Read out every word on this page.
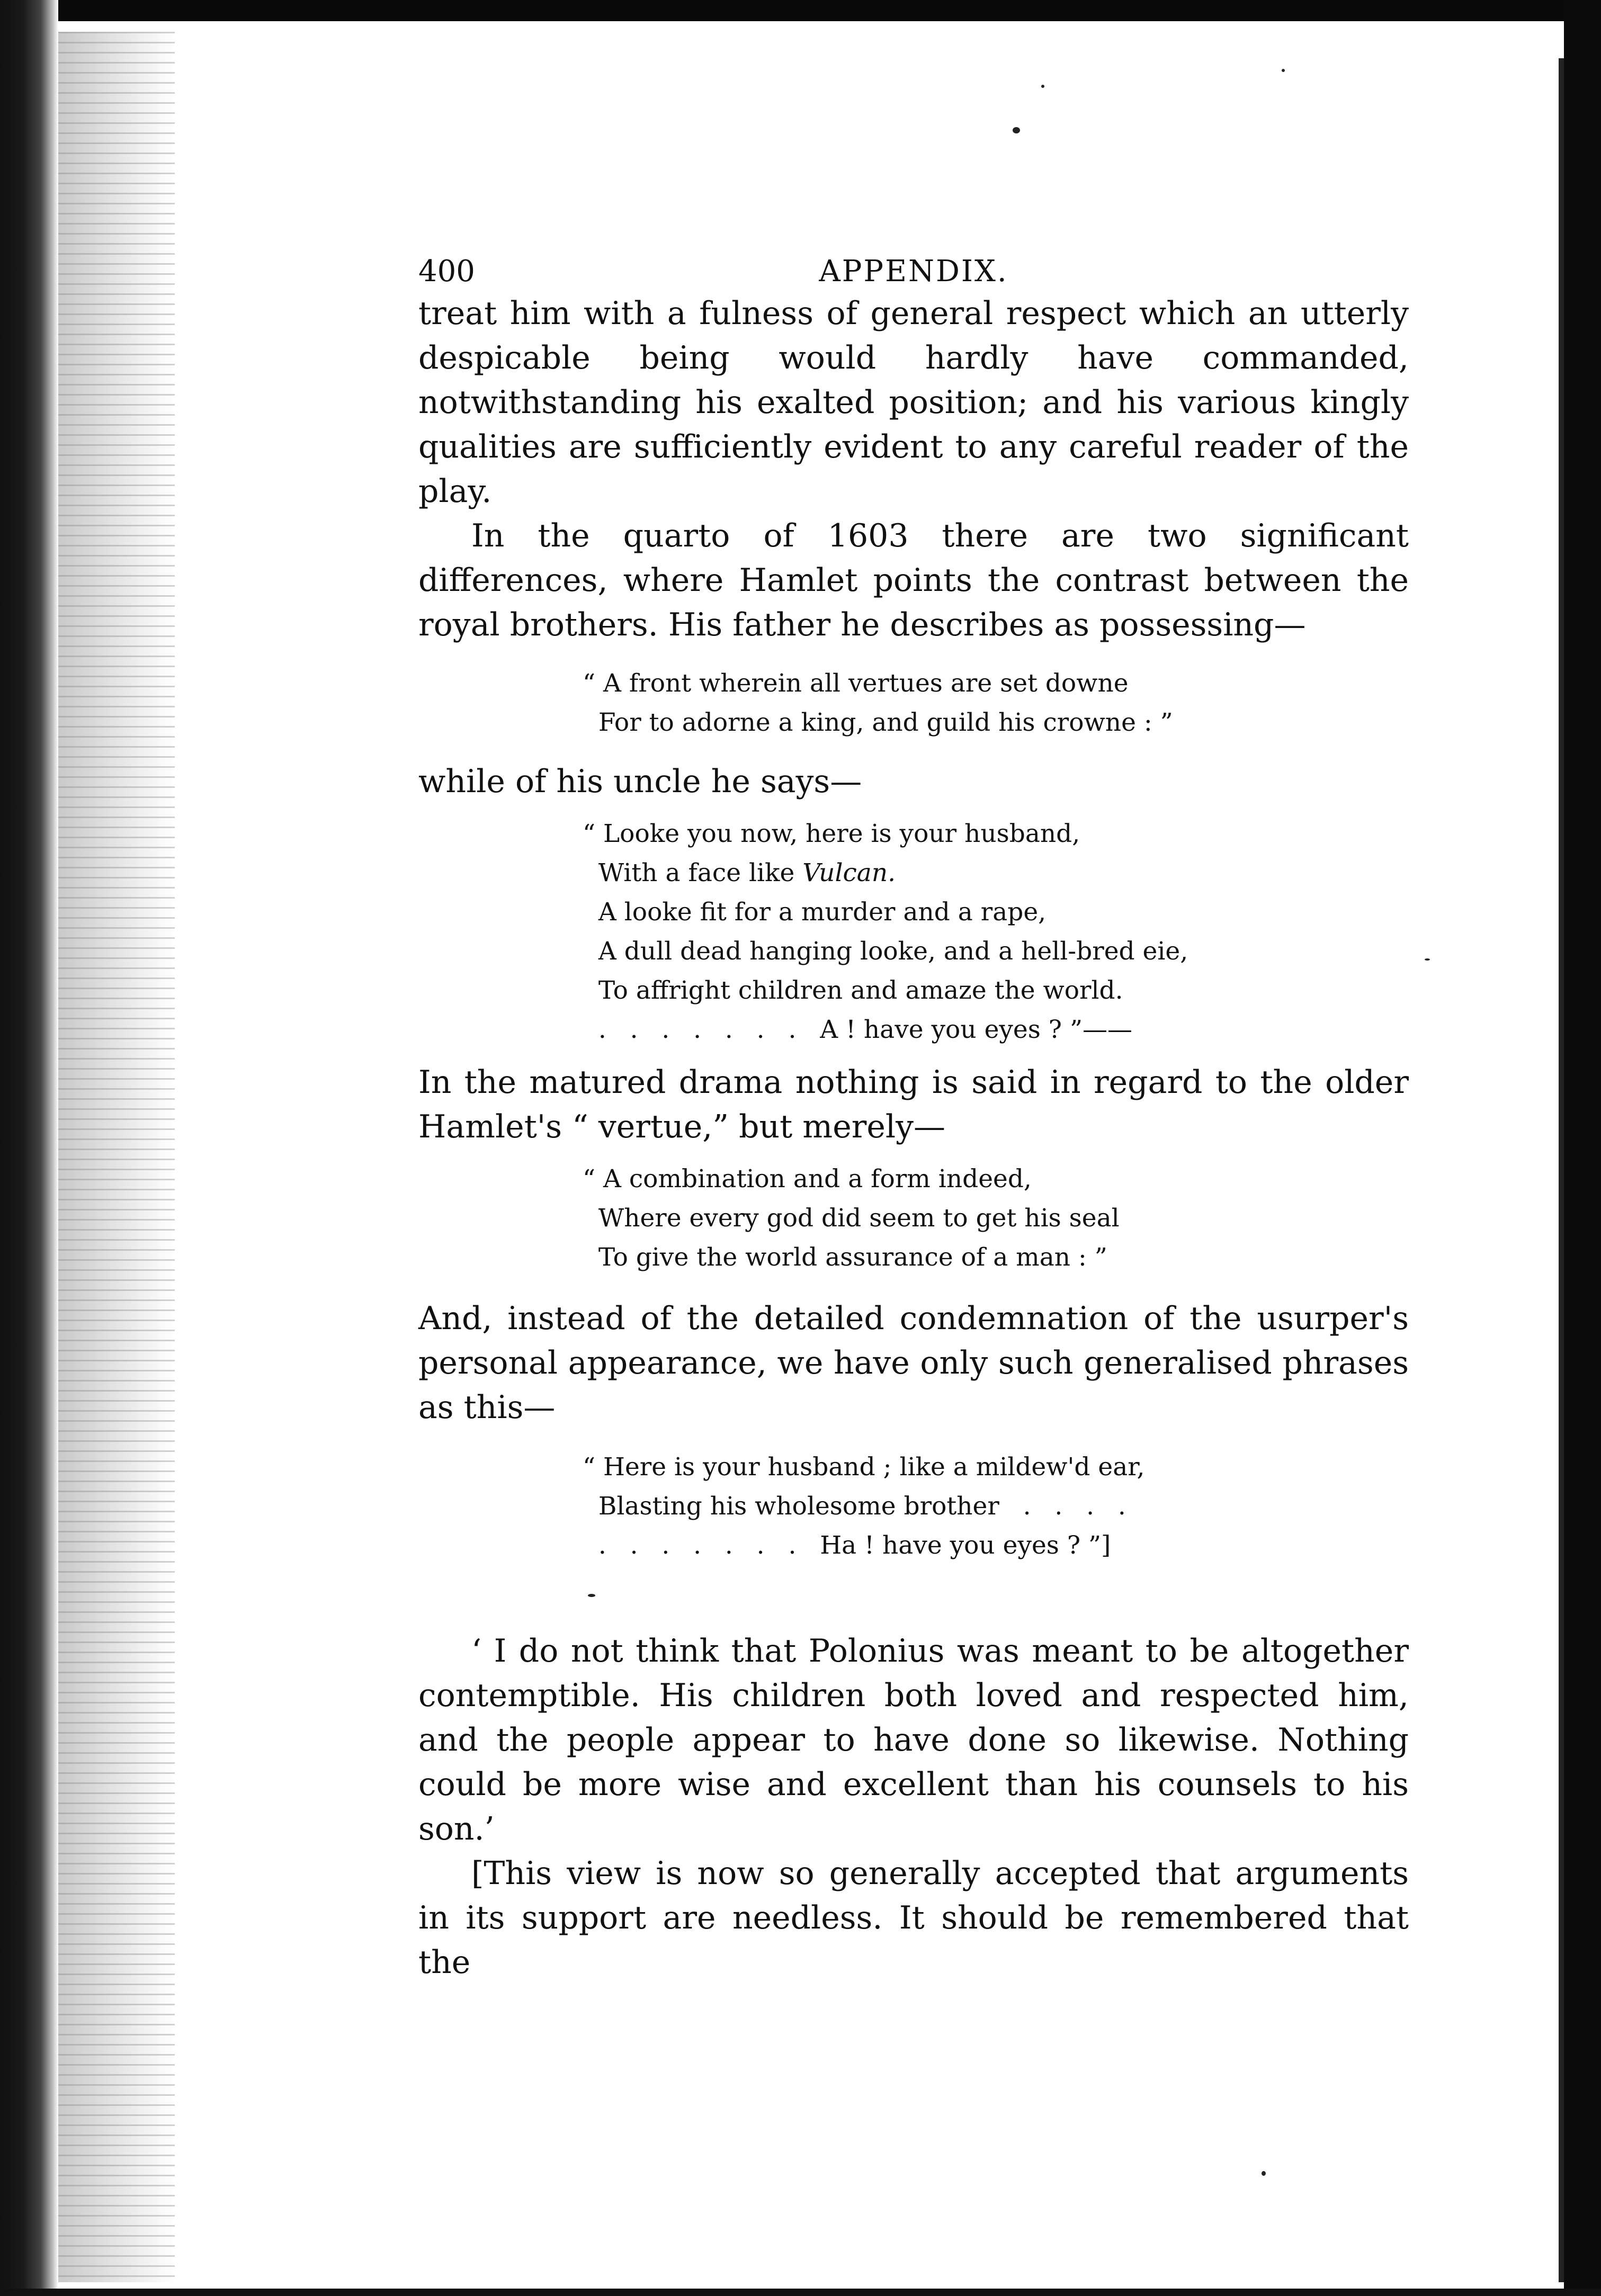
400	APPENDIX.

treat him with a fulness of general respect which an utterly despicable being would hardly have commanded, notwithstanding his exalted position; and his various kingly qualities are sufficiently evident to any careful reader of the play.

In the quarto of 1603 there are two significant differences, where Hamlet points the contrast between the royal brothers. His father he describes as possessing—

“ A front wherein all vertues are set downe
For to adorne a king, and guild his crowne : ”

while of his uncle he says—

“ Looke you now, here is your husband,
With a face like Vulcan.
A looke fit for a murder and a rape,
A dull dead hanging looke, and a hell-bred eie,
To affright children and amaze the world.
.   .   .   .   .   .   .   A ! have you eyes ? ”——

In the matured drama nothing is said in regard to the older Hamlet's “ vertue,” but merely—

“ A combination and a form indeed,
Where every god did seem to get his seal
To give the world assurance of a man : ”

And, instead of the detailed condemnation of the usurper's personal appearance, we have only such generalised phrases as this—

“ Here is your husband ; like a mildew'd ear,
Blasting his wholesome brother   .   .   .   .
.   .   .   .   .   .   .   Ha ! have you eyes ? ”]

‘ I do not think that Polonius was meant to be altogether contemptible. His children both loved and respected him, and the people appear to have done so likewise. Nothing could be more wise and excellent than his counsels to his son.’

[This view is now so generally accepted that arguments in its support are needless. It should be remembered that the
